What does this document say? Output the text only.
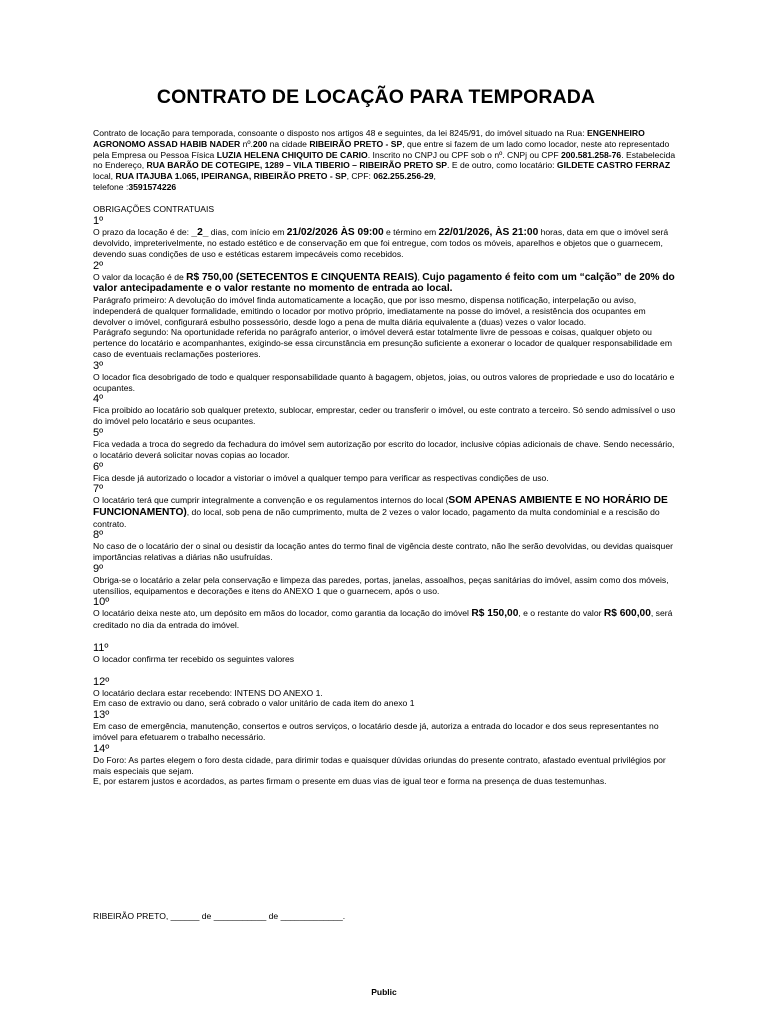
CONTRATO DE LOCAÇÃO PARA TEMPORADA

Contrato de locação para temporada, consoante o disposto nos artigos 48 e seguintes, da lei 8245/91, do imóvel situado na Rua: ENGENHEIRO AGRONOMO ASSAD HABIB NADER nº.200 na cidade RIBEIRÃO PRETO - SP, que entre si fazem de um lado como locador, neste ato representado pela Empresa ou Pessoa Física LUZIA HELENA CHIQUITO DE CARIO. Inscrito no CNPJ ou CPF sob o nº. CNPj ou CPF 200.581.258-76. Estabelecida no Endereço, RUA BARÃO DE COTEGIPE, 1289 – VILA TIBERIO – RIBEIRÃO PRETO SP. E de outro, como locatário: GILDETE CASTRO FERRAZ local, RUA ITAJUBA 1.065, IPEIRANGA, RIBEIRÃO PRETO - SP, CPF: 062.255.256-29,

telefone :3591574226

OBRIGAÇÕES CONTRATUAIS

1º

O prazo da locação é de: _2_ dias, com início em 21/02/2026 ÀS 09:00 e término em 22/01/2026, ÀS 21:00 horas, data em que o imóvel será devolvido, impreterivelmente, no estado estético e de conservação em que foi entregue, com todos os móveis, aparelhos e objetos que o guarnecem, devendo suas condições de uso e estéticas estarem impecáveis como recebidos.

2º

O valor da locação é de R$ 750,00 (SETECENTOS E CINQUENTA REAIS), Cujo pagamento é feito com um “calção” de 20% do valor antecipadamente e o valor restante no momento de entrada ao local.

Parágrafo primeiro: A devolução do imóvel finda automaticamente a locação, que por isso mesmo, dispensa notificação, interpelação ou aviso, independerá de qualquer formalidade, emitindo o locador por motivo próprio, imediatamente na posse do imóvel, a resistência dos ocupantes em devolver o imóvel, configurará esbulho possessório, desde logo a pena de multa diária equivalente a (duas) vezes o valor locado.

Parágrafo segundo: Na oportunidade referida no parágrafo anterior, o imóvel deverá estar totalmente livre de pessoas e coisas, qualquer objeto ou pertence do locatário e acompanhantes, exigindo-se essa circunstância em presunção suficiente a exonerar o locador de qualquer responsabilidade em caso de eventuais reclamações posteriores.

3º

O locador fica desobrigado de todo e qualquer responsabilidade quanto à bagagem, objetos, joias, ou outros valores de propriedade e uso do locatário e ocupantes.

4º

Fica proibido ao locatário sob qualquer pretexto, sublocar, emprestar, ceder ou transferir o imóvel, ou este contrato a terceiro. Só sendo admissível o uso do imóvel pelo locatário e seus ocupantes.

5º

Fica vedada a troca do segredo da fechadura do imóvel sem autorização por escrito do locador, inclusive cópias adicionais de chave. Sendo necessário, o locatário deverá solicitar novas copias ao locador.

6º

Fica desde já autorizado o locador a vistoriar o imóvel a qualquer tempo para verificar as respectivas condições de uso.

7º

O locatário terá que cumprir integralmente a convenção e os regulamentos internos do local (SOM APENAS AMBIENTE E NO HORÁRIO DE FUNCIONAMENTO), do local, sob pena de não cumprimento, multa de 2 vezes o valor locado, pagamento da multa condominial e a rescisão do contrato.

8º

No caso de o locatário der o sinal ou desistir da locação antes do termo final de vigência deste contrato, não lhe serão devolvidas, ou devidas quaisquer importâncias relativas a diárias não usufruídas.

9º

Obriga-se o locatário a zelar pela conservação e limpeza das paredes, portas, janelas, assoalhos, peças sanitárias do imóvel, assim como dos móveis, utensílios, equipamentos e decorações e itens do ANEXO 1 que o guarnecem, após o uso.

10º

O locatário deixa neste ato, um depósito em mãos do locador, como garantia da locação do imóvel R$ 150,00, e o restante do valor R$ 600,00, será creditado no dia da entrada do imóvel.

11º

O locador confirma ter recebido os seguintes valores

12º

O locatário declara estar recebendo: INTENS DO ANEXO 1.

Em caso de extravio ou dano, será cobrado o valor unitário de cada item do anexo 1

13º

Em caso de emergência, manutenção, consertos e outros serviços, o locatário desde já, autoriza a entrada do locador e dos seus representantes no imóvel para efetuarem o trabalho necessário.

14º

Do Foro: As partes elegem o foro desta cidade, para dirimir todas e quaisquer dúvidas oriundas do presente contrato, afastado eventual privilégios por mais especiais que sejam.

E, por estarem justos e acordados, as partes firmam o presente em duas vias de igual teor e forma na presença de duas testemunhas.

RIBEIRÃO PRETO, ______ de ___________ de _____________.
Public
